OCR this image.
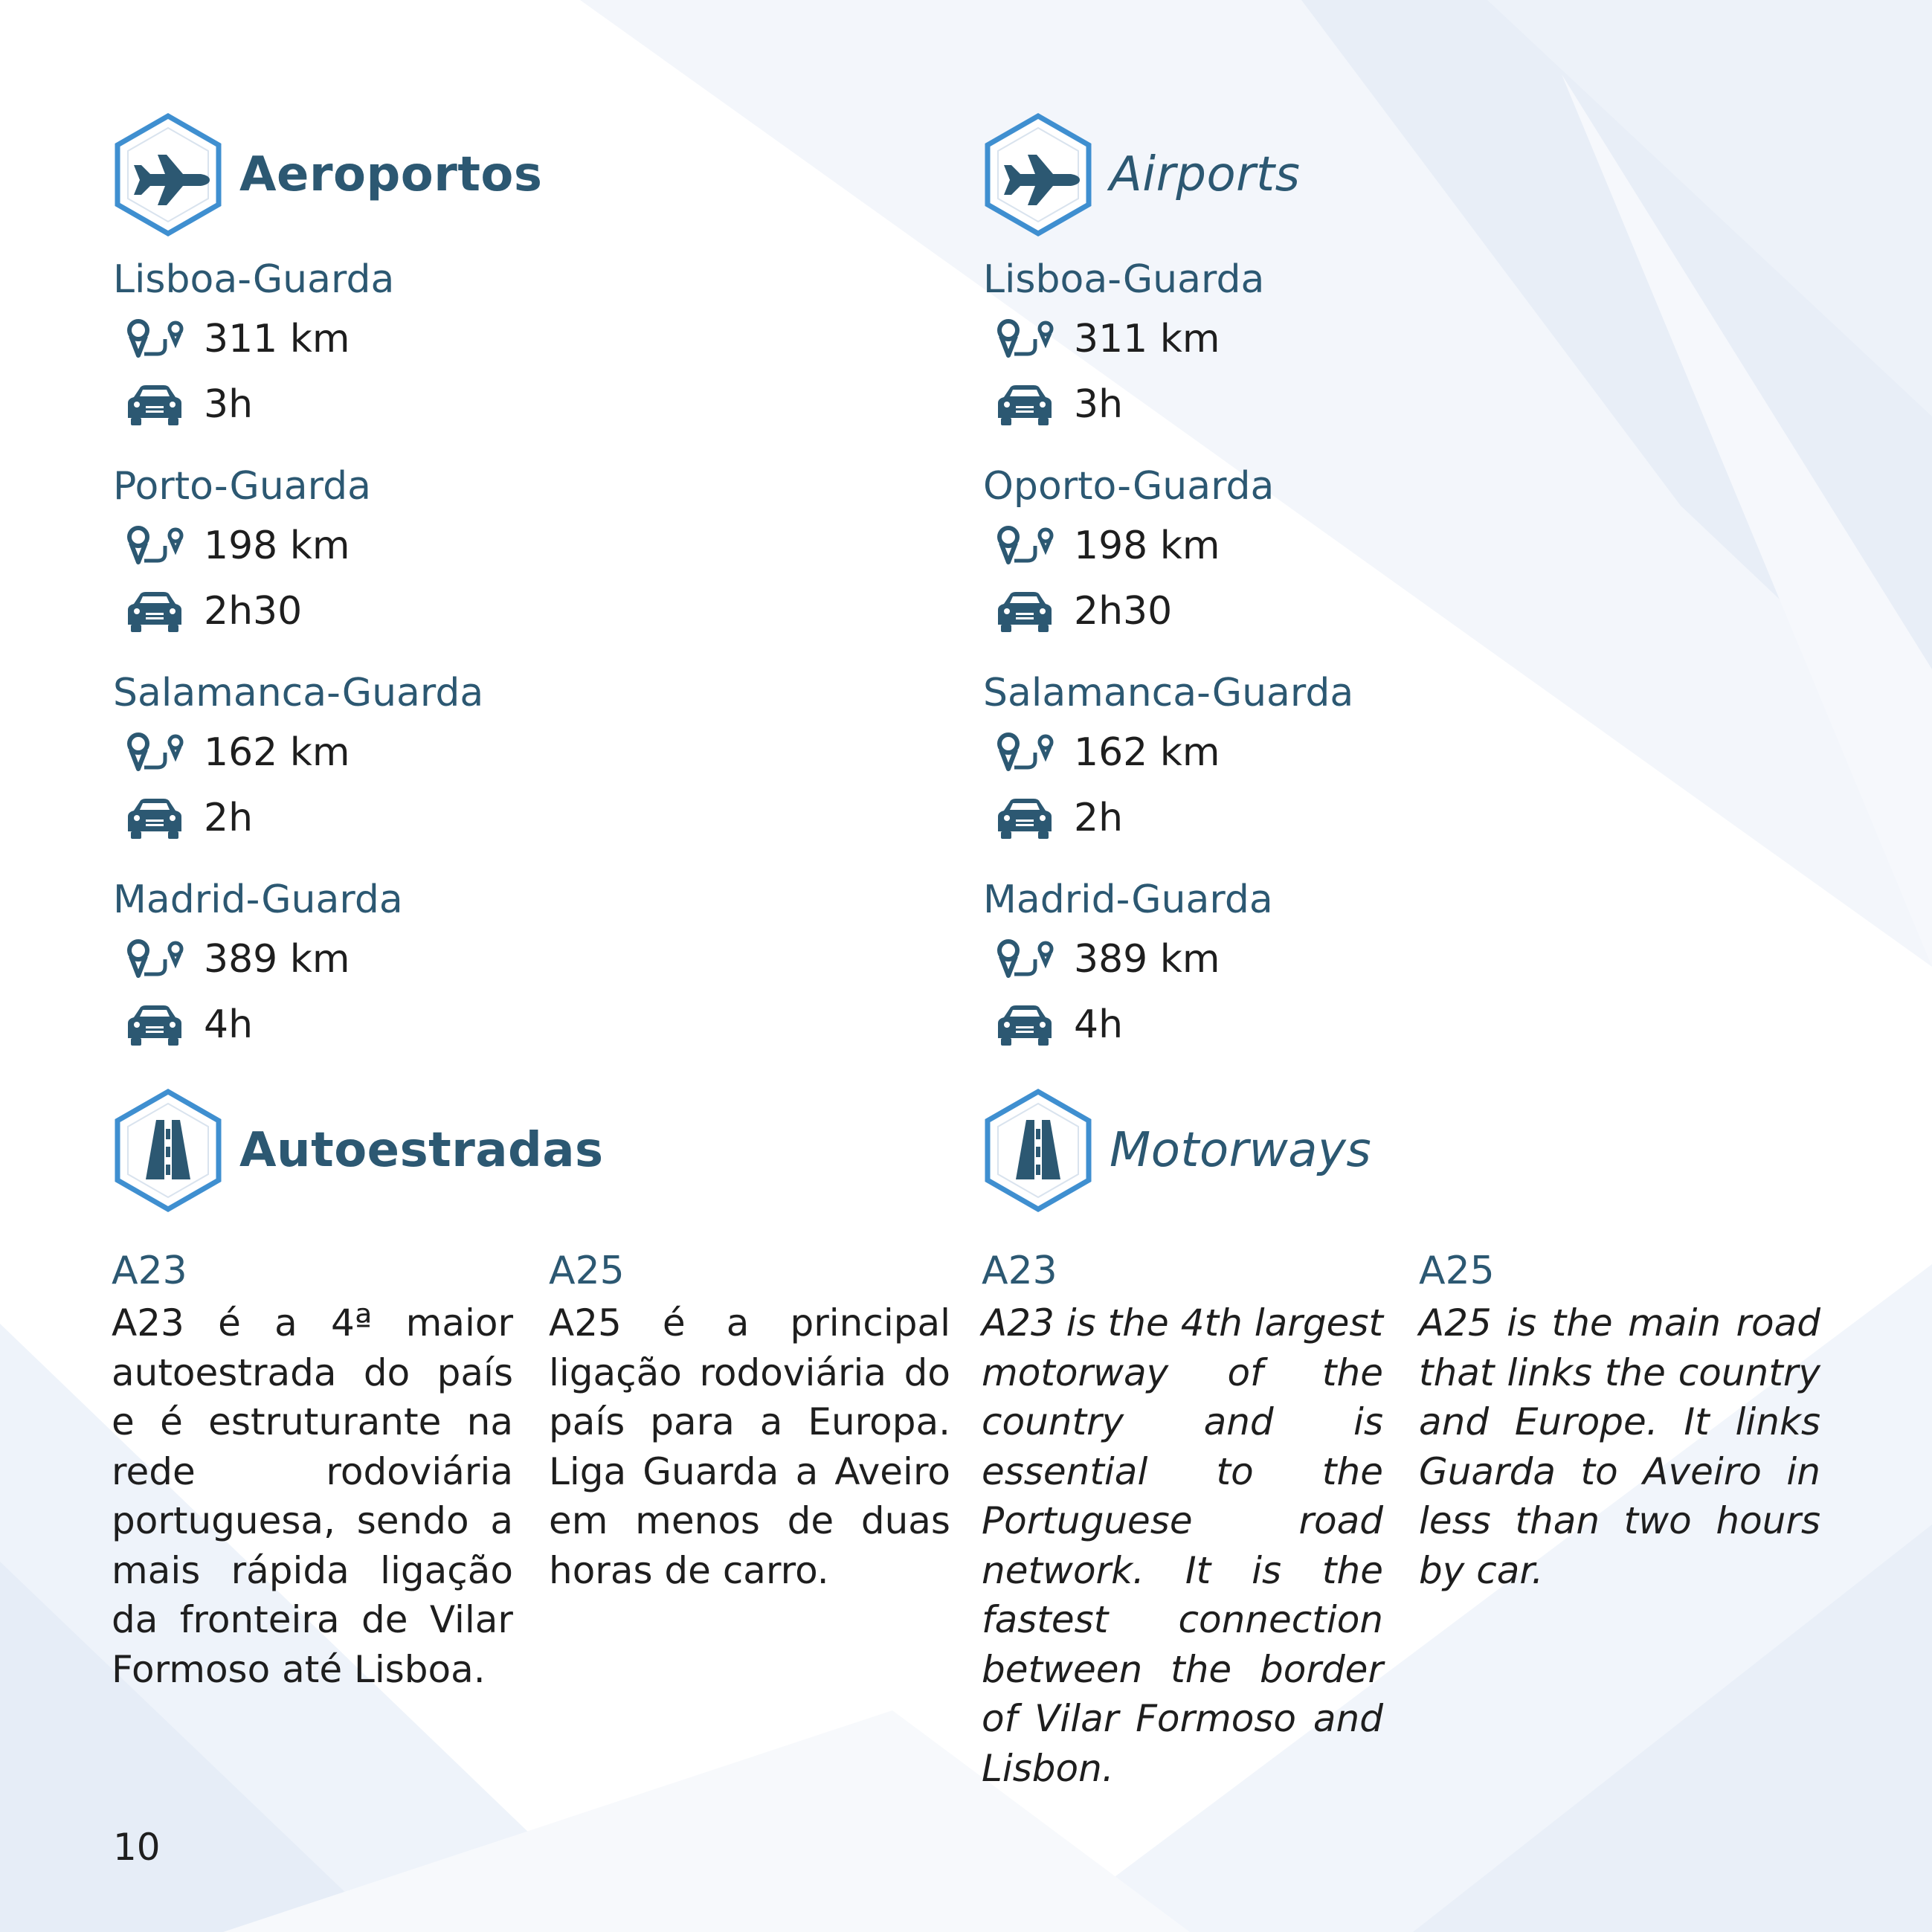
Aeroportos
Lisboa-Guarda
311 km
3h
Porto-Guarda
198 km
2h30
Salamanca-Guarda
162 km
2h
Madrid-Guarda
389 km
4h
Autoestradas
A23

A23 é a 4ª maior autoestrada do país e é estruturante na rede rodoviária portuguesa, sendo a mais rápida ligação da fronteira de Vilar Formoso até Lisboa.

A25

A25 é a principal ligação rodoviária do país para a Europa. Liga Guarda a Aveiro em menos de duas horas de carro.

Airports
Lisboa-Guarda
311 km
3h
Oporto-Guarda
198 km
2h30
Salamanca-Guarda
162 km
2h
Madrid-Guarda
389 km
4h
Motorways
A23

A23 is the 4th largest motorway of the country and is essential to the Portuguese road network. It is the fastest connection between the border of Vilar Formoso and Lisbon.

A25

A25 is the main road that links the country and Europe. It links Guarda to Aveiro in less than two hours by car.

10
